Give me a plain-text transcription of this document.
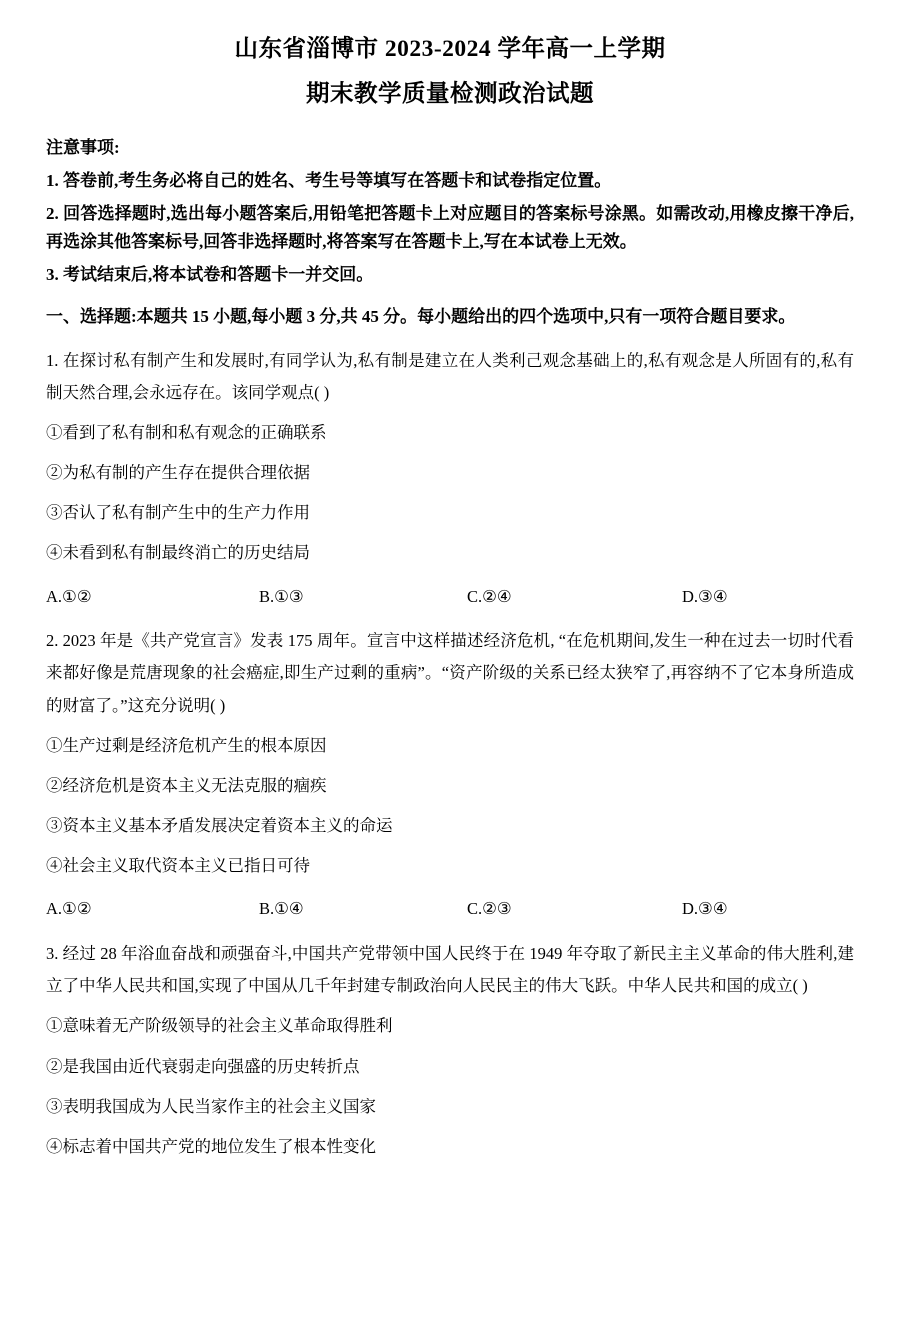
山东省淄博市 2023-2024 学年高一上学期
期末教学质量检测政治试题
注意事项:
1. 答卷前,考生务必将自己的姓名、考生号等填写在答题卡和试卷指定位置。
2. 回答选择题时,选出每小题答案后,用铅笔把答题卡上对应题目的答案标号涂黑。如需改动,用橡皮擦干净后,再选涂其他答案标号,回答非选择题时,将答案写在答题卡上,写在本试卷上无效。
3. 考试结束后,将本试卷和答题卡一并交回。
一、选择题:本题共 15 小题,每小题 3 分,共 45 分。每小题给出的四个选项中,只有一项符合题目要求。
1. 在探讨私有制产生和发展时,有同学认为,私有制是建立在人类利己观念基础上的,私有观念是人所固有的,私有制天然合理,会永远存在。该同学观点( )
①看到了私有制和私有观念的正确联系
②为私有制的产生存在提供合理依据
③否认了私有制产生中的生产力作用
④未看到私有制最终消亡的历史结局
A.①②	B.①③	C.②④	D.③④
2. 2023 年是《共产党宣言》发表 175 周年。宣言中这样描述经济危机, “在危机期间,发生一种在过去一切时代看来都好像是荒唐现象的社会癌症,即生产过剩的重病”。“资产阶级的关系已经太狭窄了,再容纳不了它本身所造成的财富了。”这充分说明( )
①生产过剩是经济危机产生的根本原因
②经济危机是资本主义无法克服的痼疾
③资本主义基本矛盾发展决定着资本主义的命运
④社会主义取代资本主义已指日可待
A.①②	B.①④	C.②③	D.③④
3. 经过 28 年浴血奋战和顽强奋斗,中国共产党带领中国人民终于在 1949 年夺取了新民主主义革命的伟大胜利,建立了中华人民共和国,实现了中国从几千年封建专制政治向人民民主的伟大飞跃。中华人民共和国的成立( )
①意味着无产阶级领导的社会主义革命取得胜利
②是我国由近代衰弱走向强盛的历史转折点
③表明我国成为人民当家作主的社会主义国家
④标志着中国共产党的地位发生了根本性变化
